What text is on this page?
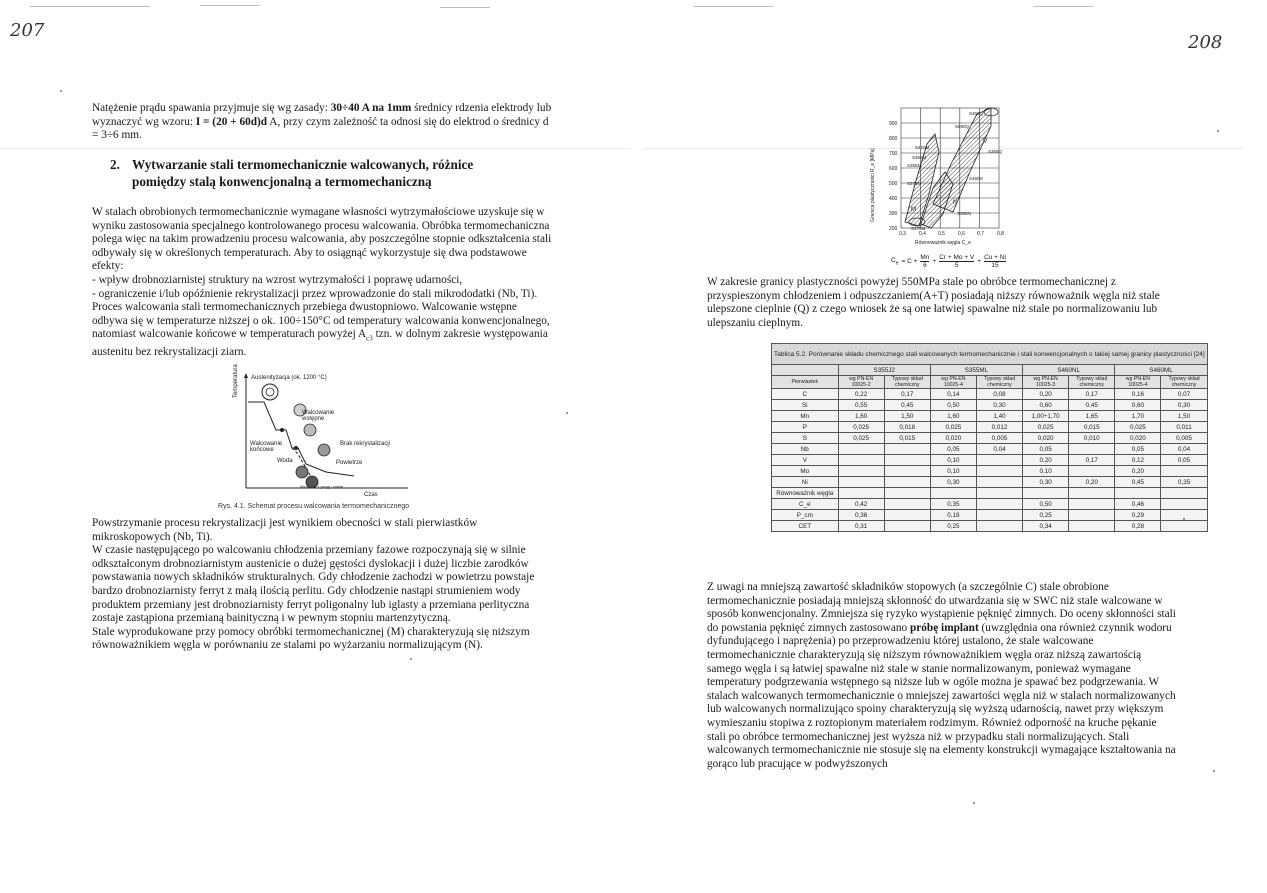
207

Natężenie prądu spawania przyjmuje się wg zasady: 30÷40 A na 1mm średnicy rdzenia elektrody lub wyznaczyć wg wzoru: I = (20 + 60d)d A, przy czym zależność ta odnosi się do elektrod o średnicy d = 3÷6 mm.

2. Wytwarzanie stali termomechanicznie walcowanych, różnice
pomiędzy stalą konwencjonalną a termomechaniczną

W stalach obrobionych termomechanicznie wymagane własności wytrzymałościowe uzyskuje się w wyniku zastosowania specjalnego kontrolowanego procesu walcowania. Obróbka termomechaniczna polega więc na takim prowadzeniu procesu walcowania, aby poszczególne stopnie odkształcenia stali odbywały się w określonych temperaturach. Aby to osiągnąć wykorzystuje się dwa podstawowe efekty:

- wpływ drobnoziarnistej struktury na wzrost wytrzymałości i poprawę udarności,

- ograniczenie i/lub opóźnienie rekrystalizacji przez wprowadzonie do stali mikrododatki (Nb, Ti).

Proces walcowania stali termomechanicznych przebiega dwustopniowo. Walcowanie wstępne odbywa się w temperaturze niższej o ok. 100÷150°C od temperatury walcowania konwencjonalnego, natomiast walcowanie końcowe w temperaturach powyżej $A_{c3}$ tzn. w dolnym zakresie występowania austenitu bez rekrystalizacji ziarn.

Temperatura Austenityzacja (ok. 1200 °C)
Walcowanie wstępne
Walcowanie końcowe
Brak rekrystalizacji
Woda	Powietrze
Wzór 7/1 + przyp. zmian
Czas
Rys. 4.1. Schemat procesu walcowania termomechanicznego

Powstrzymanie procesu rekrystalizacji jest wynikiem obecności w stali pierwiastków mikroskopowych (Nb, Ti).

W czasie następującego po walcowaniu chłodzenia przemiany fazowe rozpoczynają się w silnie odkształconym drobnoziarnistym austenicie o dużej gęstości dyslokacji i dużej liczbie zarodków powstawania nowych składników strukturalnych. Gdy chłodzenie zachodzi w powietrzu powstaje bardzo drobnoziarnisty ferryt z małą ilością perlitu. Gdy chłodzenie nastąpi strumieniem wody produktem przemiany jest drobnoziarnisty ferryt poligonalny lub iglasty a przemiana perlityczna zostaje zastąpiona przemianą bainityczną i w pewnym stopniu martenzytyczną.

Stale wyprodukowane przy pomocy obróbki termomechanicznej (M) charakteryzują się niższym równoważnikiem węgla w porównaniu ze stalami po wyżarzaniu normalizującym (N).

208
Granica plastyczności R_e [MPa]
200
300
400
500
600
700
800
900
0,3	0,4 0,5	0,6 0,7	0,8
S460Q
S690Q
Q
S355Q
S420M
S355M
S460M
S275N
S460N
S355N
S275M
M
N
Równoważnik węgla C_e
$C_e = C + \frac{Mn}{6} + \frac{Cr + Mo + V}{5} + \frac{Cu + Ni}{15}$
W zakresie granicy plastyczności powyżej 550MPa stale po obróbce termomechanicznej z przyspieszonym chłodzeniem i odpuszczaniem(A+T) posiadają niższy równoważnik węgla niż stale ulepszone cieplnie (Q) z czego wniosek że są one łatwiej spawalne niż stale po normalizowaniu lub ulepszaniu cieplnym.
Tablica 5.2. Porównanie składu chemicznego stali walcowanych termomechanicznie i stali konwencjonalnych o takiej samej granicy plastyczności [24]								
	S355J2		S355ML		S460NL		S460ML	
Pierwiastek	wg PN-EN 10025-2	Typowy skład chemiczny	wg PN-EN 10025-4	Typowy skład chemiczny	wg PN-EN 10025-3	Typowy skład chemiczny	wg PN-EN 10025-4	Typowy skład chemiczny
C	0,22	0,17	0,14	0,08	0,20	0,17	0,16	0,07
Si	0,55	0,45	0,50	0,30	0,60	0,45	0,60	0,30
Mn	1,60	1,50	1,60	1,40	1,00÷1,70	1,65	1,70	1,50
P	0,025	0,018	0,025	0,012	0,025	0,015	0,025	0,011
S	0,025	0,015	0,020	0,005	0,020	0,010	0,020	0,005
Nb			0,05	0,04	0,05		0,05	0,04
V			0,10		0,20	0,17	0,12	0,05
Mo			0,10		0,10		0,20	
Ni			0,30		0,30	0,20	0,45	0,35
Równoważnik węgla								
C_e	0,42		0,35		0,50		0,46	
P_cm	0,36		0,18		0,25		0,29	
CET	0,31		0,25		0,34		0,28	
Z uwagi na mniejszą zawartość składników stopowych (a szczególnie C) stale obrobione termomechanicznie posiadają mniejszą skłonność do utwardzania się w SWC niż stale walcowane w sposób konwencjonalny. Zmniejsza się ryzyko wystąpienie pęknięć zimnych. Do oceny skłonności stali do powstania pęknięć zimnych zastosowano próbę implant (uwzględnia ona również czynnik wodoru dyfundującego i naprężenia) po przeprowadzeniu której ustalono, że stale walcowane termomechanicznie charakteryzują się niższym równoważnikiem węgla oraz niższą zawartością samego węgla i są łatwiej spawalne niż stale w stanie normalizowanym, ponieważ wymagane temperatury podgrzewania wstępnego są niższe lub w ogóle można je spawać bez podgrzewania. W stalach walcowanych termomechanicznie o mniejszej zawartości węgla niż w stalach normalizowanych lub walcowanych normalizująco spoiny charakteryzują się wyższą udarnością, nawet przy większym wymieszaniu stopiwa z roztopionym materiałem rodzimym. Również odporność na kruche pękanie stali po obróbce termomechanicznej jest wyższa niż w przypadku stali normalizujących. Stali walcowanych termomechanicznie nie stosuje się na elementy konstrukcji wymagające kształtowania na gorąco lub pracujące w podwyższonych
